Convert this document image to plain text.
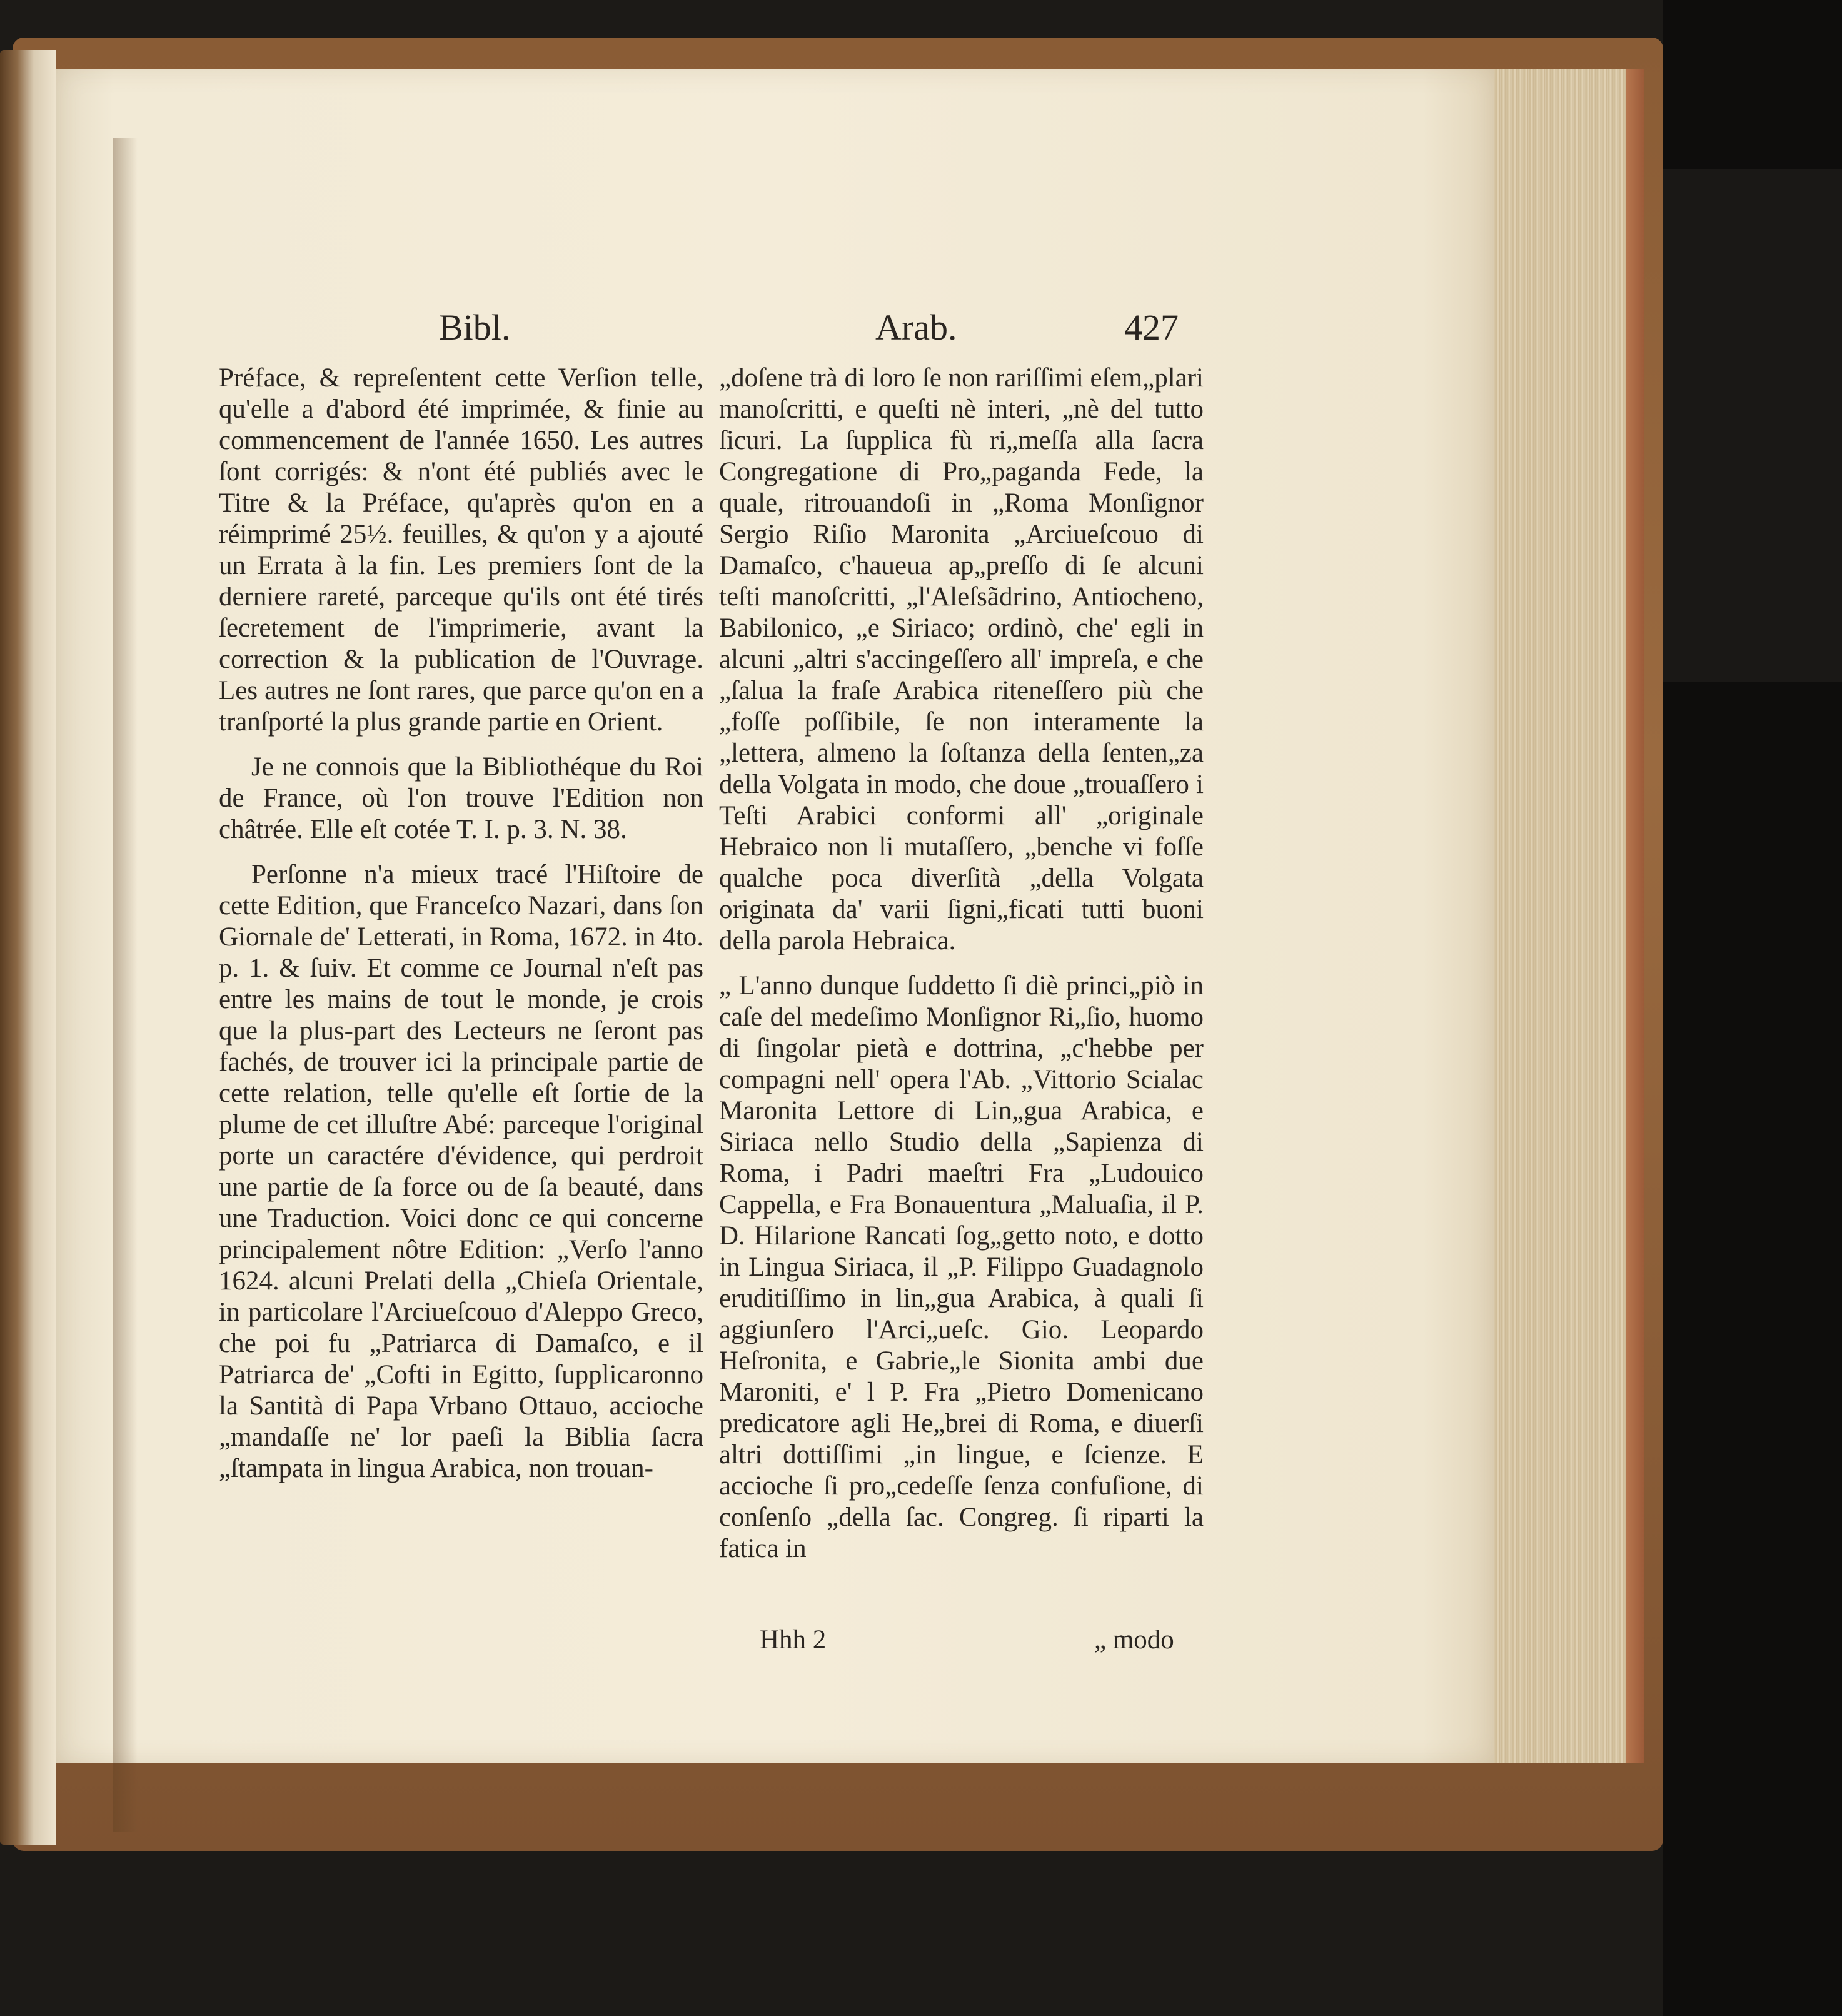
Bibl.	Arab.	427

Préface, & repreſentent cette Verſion telle, qu'elle a d'abord été imprimée, & finie au commencement de l'année 1650. Les autres ſont corrigés: & n'ont été publiés avec le Titre & la Préface, qu'après qu'on en a réimprimé 25½. feuilles, & qu'on y a ajouté un Errata à la fin. Les premiers ſont de la derniere rareté, parceque qu'ils ont été tirés ſecretement de l'imprimerie, avant la correction & la publication de l'Ouvrage. Les autres ne ſont rares, que parce qu'on en a tranſporté la plus grande partie en Orient.

Je ne connois que la Bibliothéque du Roi de France, où l'on trouve l'Edition non châtrée. Elle eſt cotée T. I. p. 3. N. 38.

Perſonne n'a mieux tracé l'Hiſtoire de cette Edition, que Franceſco Nazari, dans ſon Giornale de' Letterati, in Roma, 1672. in 4to. p. 1. & ſuiv. Et comme ce Journal n'eſt pas entre les mains de tout le monde, je crois que la plus-part des Lecteurs ne ſeront pas fachés, de trouver ici la principale partie de cette relation, telle qu'elle eſt ſortie de la plume de cet illuſtre Abé: parceque l'original porte un caractére d'évidence, qui perdroit une partie de ſa force ou de ſa beauté, dans une Traduction. Voici donc ce qui concerne principalement nôtre Edition: „Verſo l'anno 1624. alcuni Prelati della „Chieſa Orientale, in particolare l'Arciueſcouo d'Aleppo Greco, che poi fu „Patriarca di Damaſco, e il Patriarca de' „Cofti in Egitto, ſupplicaronno la Santità di Papa Vrbano Ottauo, accioche „mandaſſe ne' lor paeſi la Biblia ſacra „ſtampata in lingua Arabica, non trouan-

„doſene trà di loro ſe non rariſſimi eſem„plari manoſcritti, e queſti nè interi, „nè del tutto ſicuri. La ſupplica fù ri„meſſa alla ſacra Congregatione di Pro„paganda Fede, la quale, ritrouandoſi in „Roma Monſignor Sergio Riſio Maronita „Arciueſcouo di Damaſco, c'haueua ap„preſſo di ſe alcuni teſti manoſcritti, „l'Aleſsãdrino, Antiocheno, Babilonico, „e Siriaco; ordinò, che' egli in alcuni „altri s'accingeſſero all' impreſa, e che „ſalua la fraſe Arabica riteneſſero più che „foſſe poſſibile, ſe non interamente la „lettera, almeno la ſoſtanza della ſenten„za della Volgata in modo, che doue „trouaſſero i Teſti Arabici conformi all' „originale Hebraico non li mutaſſero, „benche vi foſſe qualche poca diverſità „della Volgata originata da' varii ſigni„ficati tutti buoni della parola Hebraica.

„ L'anno dunque ſuddetto ſi diè princi„piò in caſe del medeſimo Monſignor Ri„ſio, huomo di ſingolar pietà e dottrina, „c'hebbe per compagni nell' opera l'Ab. „Vittorio Scialac Maronita Lettore di Lin„gua Arabica, e Siriaca nello Studio della „Sapienza di Roma, i Padri maeſtri Fra „Ludouico Cappella, e Fra Bonauentura „Maluaſia, il P. D. Hilarione Rancati ſog„getto noto, e dotto in Lingua Siriaca, il „P. Filippo Guadagnolo eruditiſſimo in lin„gua Arabica, à quali ſi aggiunſero l'Arci„ueſc. Gio. Leopardo Heſronita, e Gabrie„le Sionita ambi due Maroniti, e' l P. Fra „Pietro Domenicano predicatore agli He„brei di Roma, e diuerſi altri dottiſſimi „in lingue, e ſcienze. E accioche ſi pro„cedeſſe ſenza confuſione, di conſenſo „della ſac. Congreg. ſi riparti la fatica in

Hhh 2	„ modo
